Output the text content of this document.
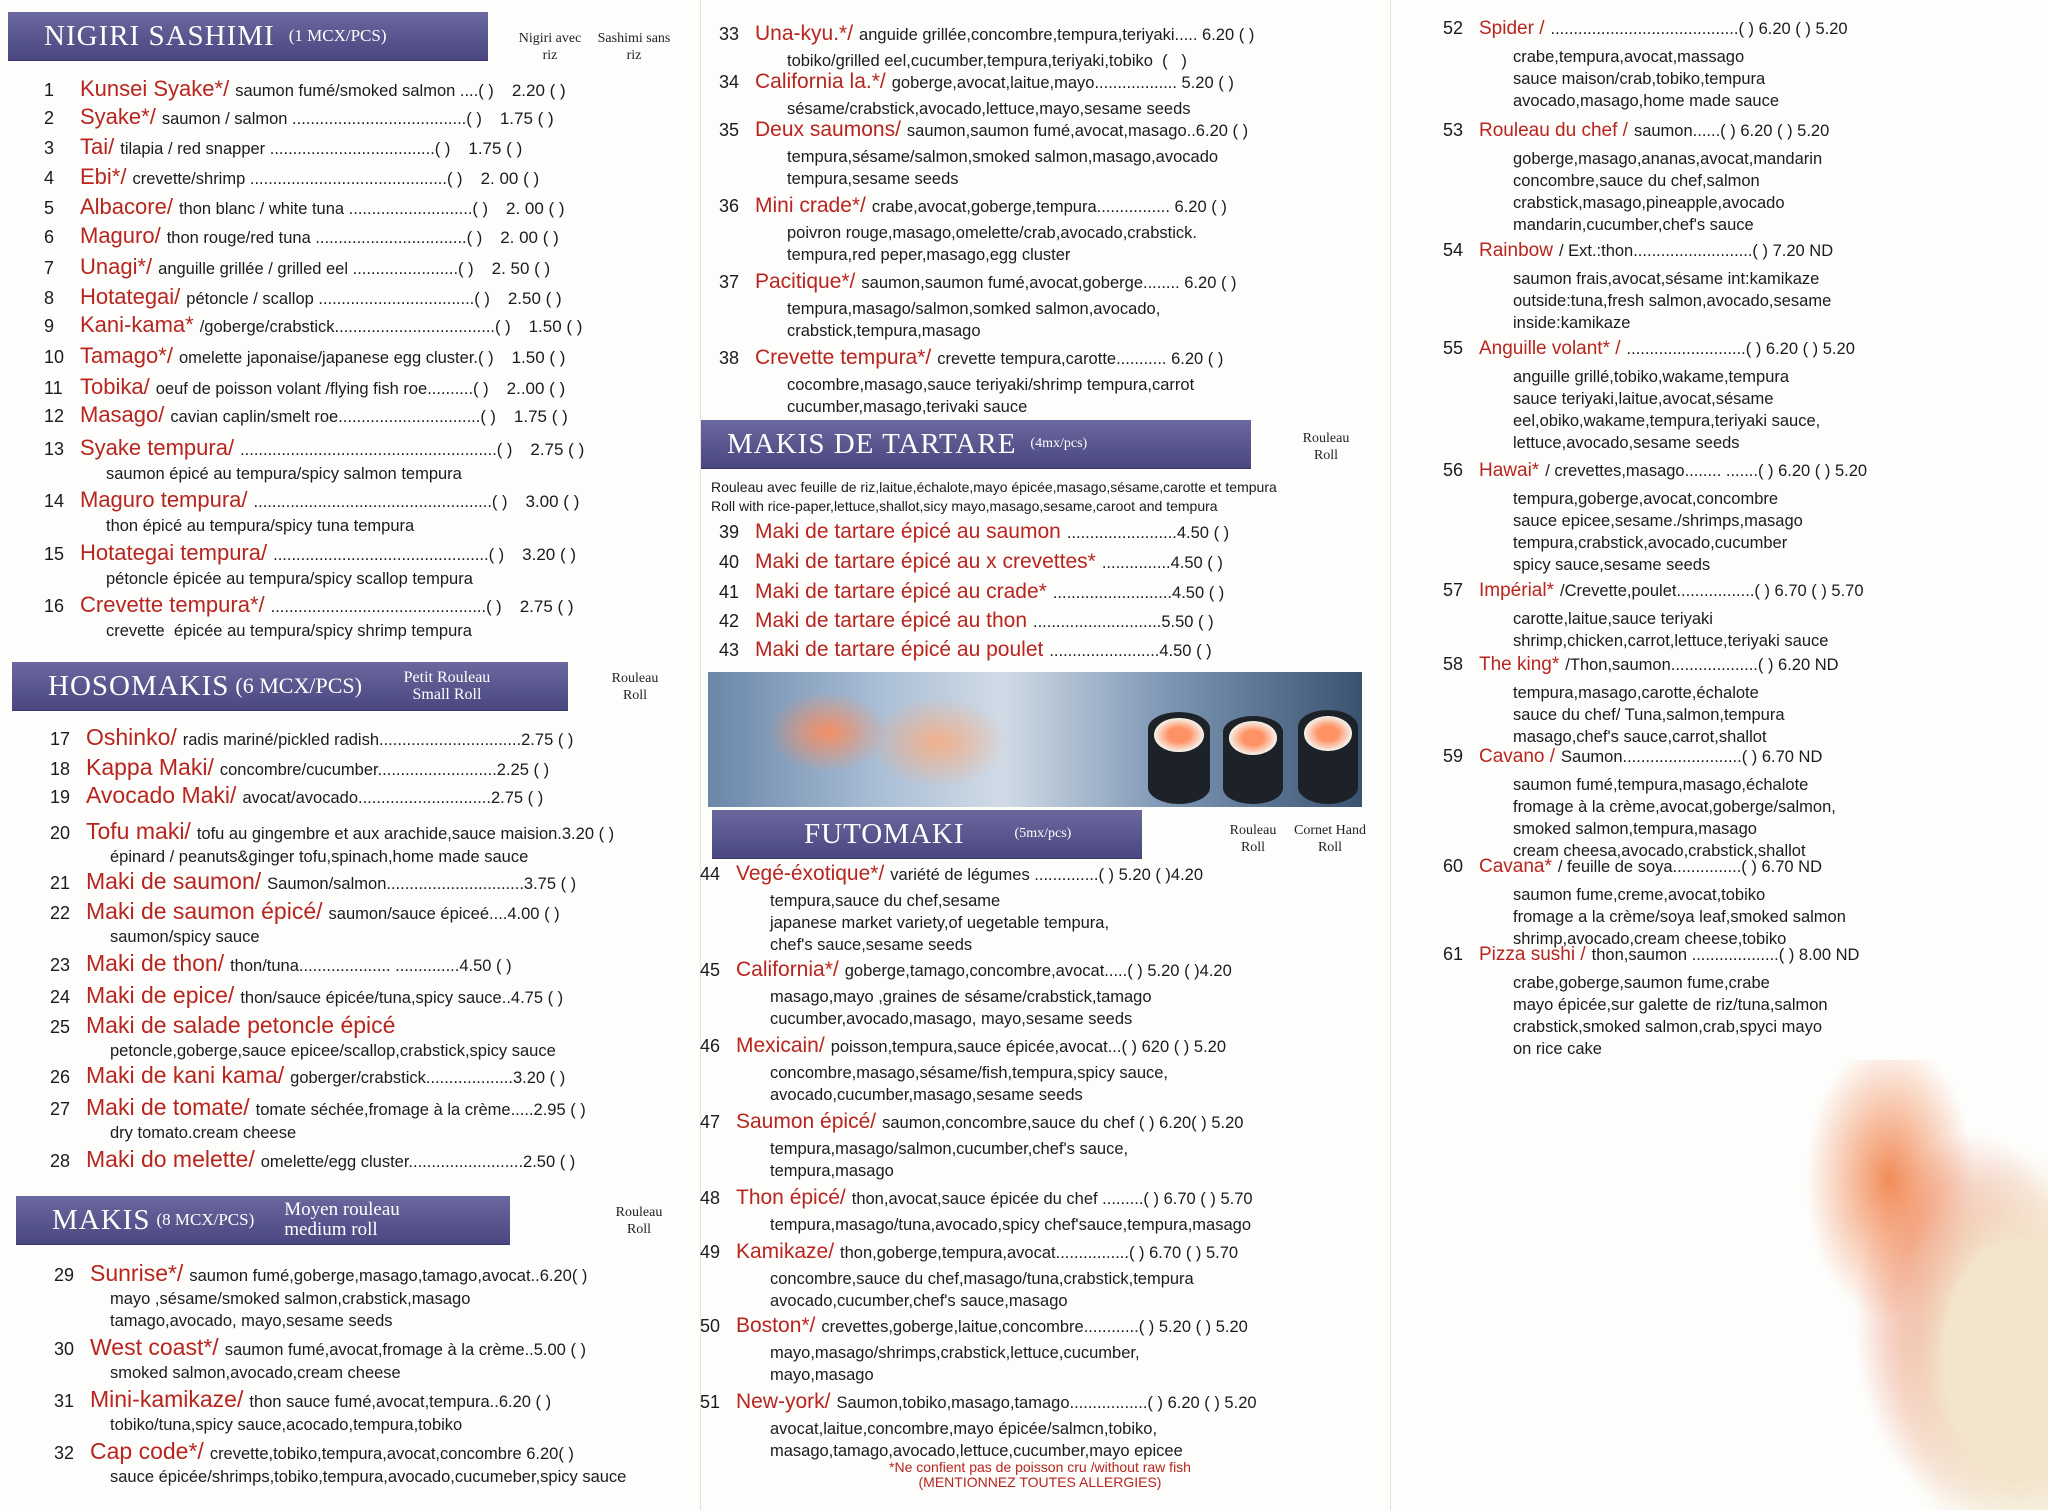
NIGIRI SASHIMI (1 MCX/PCS)	Nigiri avec riz
Sashimi sans riz
1	Kunsei Syake*/ saumon fumé/smoked salmon ....( ) 2.20 ( )
2	Syake*/ saumon / salmon ......................................( ) 1.75 ( )
3	Tai/ tilapia / red snapper ....................................( ) 1.75 ( )
4	Ebi*/ crevette/shrimp ...........................................( ) 2. 00 ( )
5	Albacore/ thon blanc / white tuna ...........................( ) 2. 00 ( )
6	Maguro/ thon rouge/red tuna .................................( ) 2. 00 ( )
7	Unagi*/ anguille grillée / grilled eel .......................( ) 2. 50 ( )
8	Hotategai/ pétoncle / scallop ..................................( ) 2.50 ( )
9	Kani-kama* /goberge/crabstick...................................( ) 1.50 ( )
10 Tamago*/ omelette japonaise/japanese egg cluster.( ) 1.50 ( )
11 Tobika/ oeuf de poisson volant /flying fish roe..........( ) 2..00 ( )
12 Masago/ cavian caplin/smelt roe...............................( ) 1.75 ( )
13 Syake tempura/ ........................................................( ) 2.75 ( )
saumon épicé au tempura/spicy salmon tempura
14 Maguro tempura/ ....................................................( ) 3.00 ( )
thon épicé au tempura/spicy tuna tempura
15 Hotategai tempura/ ...............................................( ) 3.20 ( )
pétoncle épicée au tempura/spicy scallop tempura
16 Crevette tempura*/ ...............................................( ) 2.75 ( )
crevette  épicée au tempura/spicy shrimp tempura
HOSOMAKIS (6 MCX/PCS)	Petit Rouleau Small Roll
Rouleau Roll
17 Oshinko/ radis mariné/pickled radish...............................2.75 ( )
18 Kappa Maki/ concombre/cucumber..........................2.25 ( )
19 Avocado Maki/ avocat/avocado.............................2.75 ( )
20 Tofu maki/ tofu au gingembre et aux arachide,sauce maision.3.20 ( )
épinard / peanuts&ginger tofu,spinach,home made sauce
21 Maki de saumon/ Saumon/salmon..............................3.75 ( )
22 Maki de saumon épicé/ saumon/sauce épiceé....4.00 ( )
saumon/spicy sauce
23 Maki de thon/ thon/tuna.................... ..............4.50 ( )
24 Maki de epice/ thon/sauce épicée/tuna,spicy sauce..4.75 ( )
25 Maki de salade petoncle épicé
petoncle,goberge,sauce epicee/scallop,crabstick,spicy sauce
26 Maki de kani kama/ goberger/crabstick...................3.20 ( )
27 Maki de tomate/ tomate séchée,fromage à la crème.....2.95 ( )
dry tomato.cream cheese
28 Maki do melette/ omelette/egg cluster.........................2.50 ( )
MAKIS (8 MCX/PCS) Moyen rouleau medium roll
Rouleau Roll
29 Sunrise*/ saumon fumé,goberge,masago,tamago,avocat..6.20( )
mayo ,sésame/smoked salmon,crabstick,masago
tamago,avocado, mayo,sesame seeds
30 West coast*/ saumon fumé,avocat,fromage à la crème..5.00 ( )
smoked salmon,avocado,cream cheese
31 Mini-kamikaze/ thon sauce fumé,avocat,tempura..6.20 ( )
tobiko/tuna,spicy sauce,acocado,tempura,tobiko
32 Cap code*/ crevette,tobiko,tempura,avocat,concombre 6.20( )
sauce épicée/shrimps,tobiko,tempura,avocado,cucumeber,spicy sauce
33 Una-kyu.*/ anguide grillée,concombre,tempura,teriyaki..... 6.20 ( )
tobiko/grilled eel,cucumber,tempura,teriyaki,tobiko  (   )
34 California la.*/ goberge,avocat,laitue,mayo.................. 5.20 ( )
sésame/crabstick,avocado,lettuce,mayo,sesame seeds
35 Deux saumons/ saumon,saumon fumé,avocat,masago..6.20 ( )
tempura,sésame/salmon,smoked salmon,masago,avocado
tempura,sesame seeds
36 Mini crade*/ crabe,avocat,goberge,tempura................ 6.20 ( )
poivron rouge,masago,omelette/crab,avocado,crabstick.
tempura,red peper,masago,egg cluster
37 Pacitique*/ saumon,saumon fumé,avocat,goberge........ 6.20 ( )
tempura,masago/salmon,somked salmon,avocado,
crabstick,tempura,masago
38 Crevette tempura*/ crevette tempura,carotte........... 6.20 ( )
cocombre,masago,sauce teriyaki/shrimp tempura,carrot
cucumber,masago,terivaki sauce
MAKIS DE TARTARE (4mx/pcs)	Rouleau Roll
Rouleau avec feuille de riz,laitue,échalote,mayo épicée,masago,sésame,carotte et tempura
Roll with rice-paper,lettuce,shallot,sicy mayo,masago,sesame,caroot and tempura
39 Maki de tartare épicé au saumon ........................4.50 ( )
40 Maki de tartare épicé au x crevettes* ...............4.50 ( )
41 Maki de tartare épicé au crade* ..........................4.50 ( )
42 Maki de tartare épicé au thon ............................5.50 ( )
43 Maki de tartare épicé au poulet ........................4.50 ( )
FUTOMAKI	(5mx/pcs)	Rouleau Roll
Cornet Hand Roll
44 Vegé-éxotique*/ variété de légumes ..............( ) 5.20 ( )4.20
tempura,sauce du chef,sesame
japanese market variety,of uegetable tempura,
chef's sauce,sesame seeds
45 California*/ goberge,tamago,concombre,avocat.....( ) 5.20 ( )4.20
masago,mayo ,graines de sésame/crabstick,tamago
cucumber,avocado,masago, mayo,sesame seeds
46 Mexicain/ poisson,tempura,sauce épicée,avocat...( ) 620 ( ) 5.20
concombre,masago,sésame/fish,tempura,spicy sauce,
avocado,cucumber,masago,sesame seeds
47 Saumon épicé/ saumon,concombre,sauce du chef ( ) 6.20( ) 5.20
tempura,masago/salmon,cucumber,chef's sauce,
tempura,masago
48 Thon épicé/ thon,avocat,sauce épicée du chef .........( ) 6.70 ( ) 5.70
tempura,masago/tuna,avocado,spicy chef'sauce,tempura,masago
49 Kamikaze/ thon,goberge,tempura,avocat................( ) 6.70 ( ) 5.70
concombre,sauce du chef,masago/tuna,crabstick,tempura
avocado,cucumber,chef's sauce,masago
50 Boston*/ crevettes,goberge,laitue,concombre............( ) 5.20 ( ) 5.20
mayo,masago/shrimps,crabstick,lettuce,cucumber,
mayo,masago
51 New-york/ Saumon,tobiko,masago,tamago.................( ) 6.20 ( ) 5.20
avocat,laitue,concombre,mayo épicée/salmcn,tobiko,
masago,tamago,avocado,lettuce,cucumber,mayo epicee
*Ne confient pas de poisson cru /without raw fish
(MENTIONNEZ TOUTES ALLERGIES)
52 Spider / .........................................( ) 6.20 ( ) 5.20
crabe,tempura,avocat,massago
sauce maison/crab,tobiko,tempura
avocado,masago,home made sauce
53 Rouleau du chef / saumon......( ) 6.20 ( ) 5.20
goberge,masago,ananas,avocat,mandarin
concombre,sauce du chef,salmon
crabstick,masago,pineapple,avocado
mandarin,cucumber,chef's sauce
54 Rainbow / Ext.:thon..........................( ) 7.20 ND
saumon frais,avocat,sésame int:kamikaze
outside:tuna,fresh salmon,avocado,sesame
inside:kamikaze
55 Anguille volant* / ..........................( ) 6.20 ( ) 5.20
anguille grillé,tobiko,wakame,tempura
sauce teriyaki,laitue,avocat,sésame
eel,obiko,wakame,tempura,teriyaki sauce,
lettuce,avocado,sesame seeds
56 Hawai* / crevettes,masago........ .......( ) 6.20 ( ) 5.20
tempura,goberge,avocat,concombre
sauce epicee,sesame./shrimps,masago
tempura,crabstick,avocado,cucumber
spicy sauce,sesame seeds
57 Impérial* /Crevette,poulet.................( ) 6.70 ( ) 5.70
carotte,laitue,sauce teriyaki
shrimp,chicken,carrot,lettuce,teriyaki sauce
58 The king* /Thon,saumon...................( ) 6.20 ND
tempura,masago,carotte,échalote
sauce du chef/ Tuna,salmon,tempura
masago,chef's sauce,carrot,shallot
59 Cavano / Saumon..........................( ) 6.70 ND
saumon fumé,tempura,masago,échalote
fromage à la crème,avocat,goberge/salmon,
smoked salmon,tempura,masago
cream cheesa,avocado,crabstick,shallot
60 Cavana* / feuille de soya...............( ) 6.70 ND
saumon fume,creme,avocat,tobiko
fromage a la crème/soya leaf,smoked salmon
shrimp,avocado,cream cheese,tobiko
61 Pizza sushi / thon,saumon ...................( ) 8.00 ND
crabe,goberge,saumon fume,crabe
mayo épicée,sur galette de riz/tuna,salmon
crabstick,smoked salmon,crab,spyci mayo
on rice cake
